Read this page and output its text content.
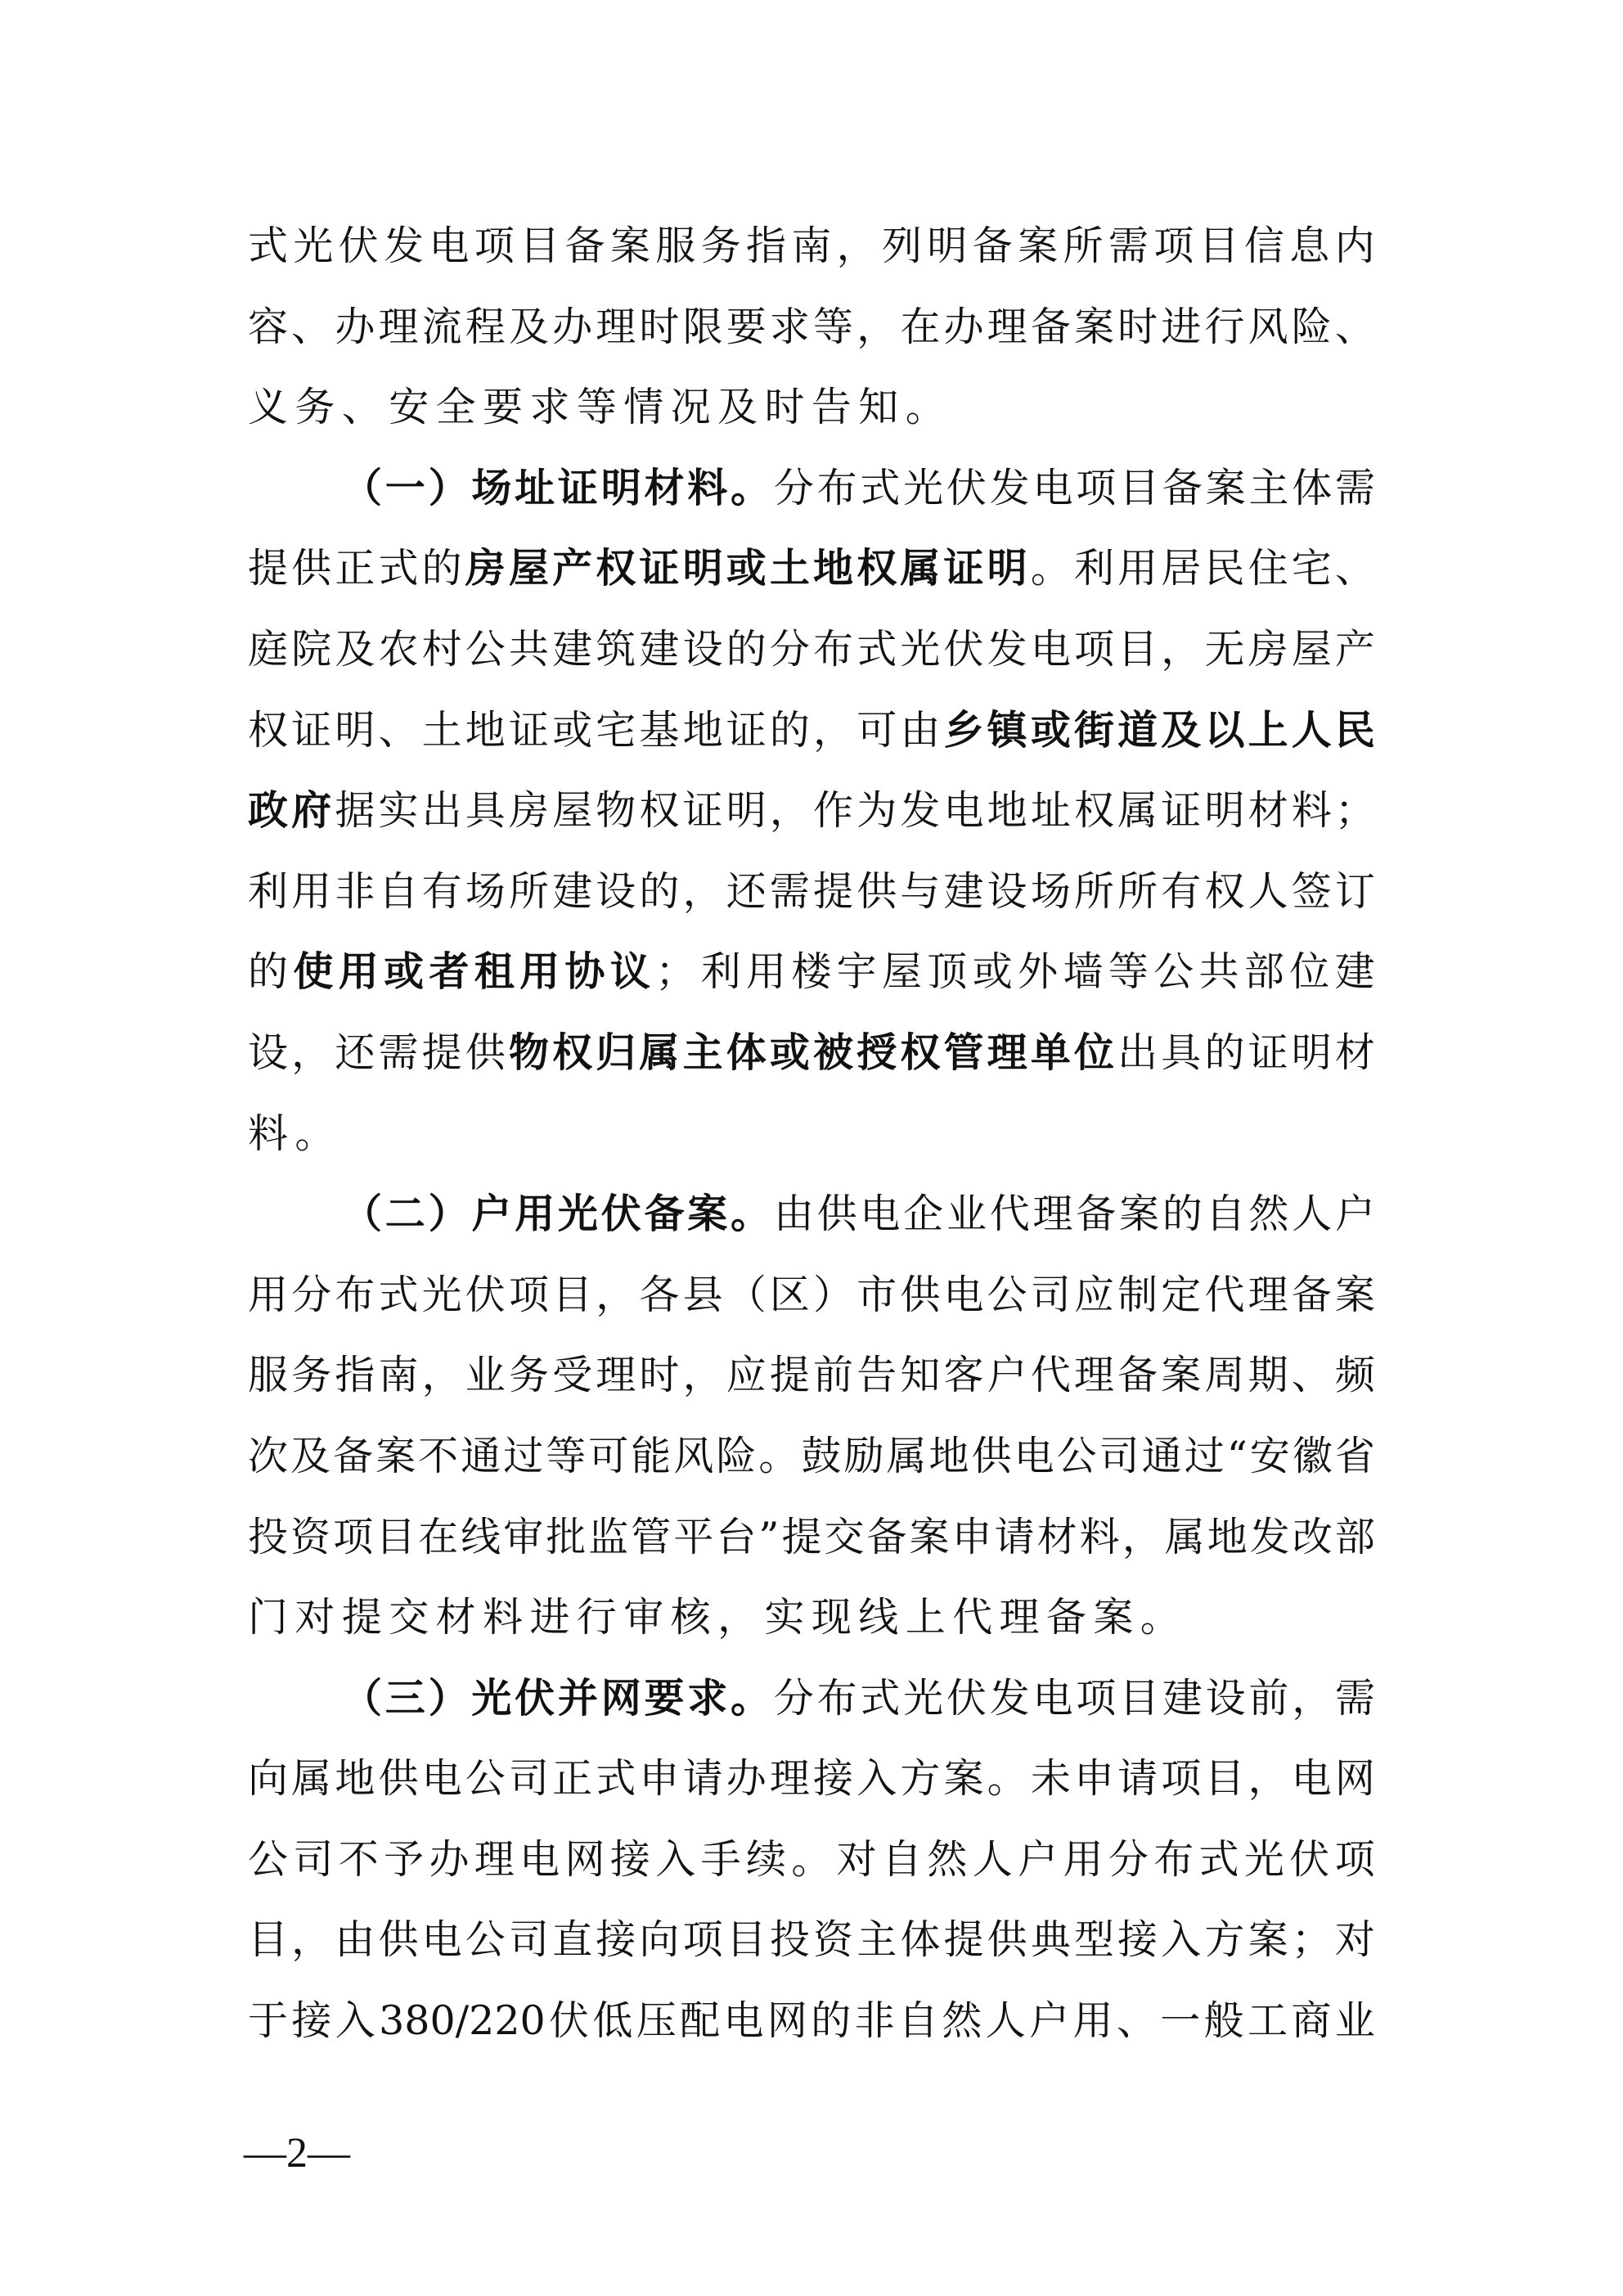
式 光 伏 发 电 项 目 备 案 服 务 指 南 ， 列 明 备 案 所 需 项 目 信 息 内
容 、 办 理 流 程 及 办 理 时 限 要 求 等 ， 在 办 理 备 案 时 进 行 风 险 、
义 务 、 安 全 要 求 等 情 况 及 时 告 知 。
（ 一 ） 场 址 证 明 材 料 。 分 布 式 光 伏 发 电 项 目 备 案 主 体 需
提 供 正 式 的 房 屋 产 权 证 明 或 土 地 权 属 证 明 。 利 用 居 民 住 宅 、
庭 院 及 农 村 公 共 建 筑 建 设 的 分 布 式 光 伏 发 电 项 目 ， 无 房 屋 产
权 证 明 、 土 地 证 或 宅 基 地 证 的 ， 可 由 乡 镇 或 街 道 及 以 上 人 民
政 府 据 实 出 具 房 屋 物 权 证 明 ， 作 为 发 电 地 址 权 属 证 明 材 料 ；
利 用 非 自 有 场 所 建 设 的 ， 还 需 提 供 与 建 设 场 所 所 有 权 人 签 订
的 使 用 或 者 租 用 协 议 ； 利 用 楼 宇 屋 顶 或 外 墙 等 公 共 部 位 建
设 ， 还 需 提 供 物 权 归 属 主 体 或 被 授 权 管 理 单 位 出 具 的 证 明 材
料 。
（ 二 ） 户 用 光 伏 备 案 。 由 供 电 企 业 代 理 备 案 的 自 然 人 户
用 分 布 式 光 伏 项 目 ， 各 县 （ 区 ） 市 供 电 公 司 应 制 定 代 理 备 案
服 务 指 南 ， 业 务 受 理 时 ， 应 提 前 告 知 客 户 代 理 备 案 周 期 、 频
次 及 备 案 不 通 过 等 可 能 风 险 。 鼓 励 属 地 供 电 公 司 通 过 “ 安 徽 省
投 资 项 目 在 线 审 批 监 管 平 台 ” 提 交 备 案 申 请 材 料 ， 属 地 发 改 部
门 对 提 交 材 料 进 行 审 核 ， 实 现 线 上 代 理 备 案 。
（ 三 ） 光 伏 并 网 要 求 。 分 布 式 光 伏 发 电 项 目 建 设 前 ， 需
向 属 地 供 电 公 司 正 式 申 请 办 理 接 入 方 案 。 未 申 请 项 目 ， 电 网
公 司 不 予 办 理 电 网 接 入 手 续 。 对 自 然 人 户 用 分 布 式 光 伏 项
目 ， 由 供 电 公 司 直 接 向 项 目 投 资 主 体 提 供 典 型 接 入 方 案 ； 对
于 接 入 380/220 伏 低 压 配 电 网 的 非 自 然 人 户 用 、 一 般 工 商 业
—2—
